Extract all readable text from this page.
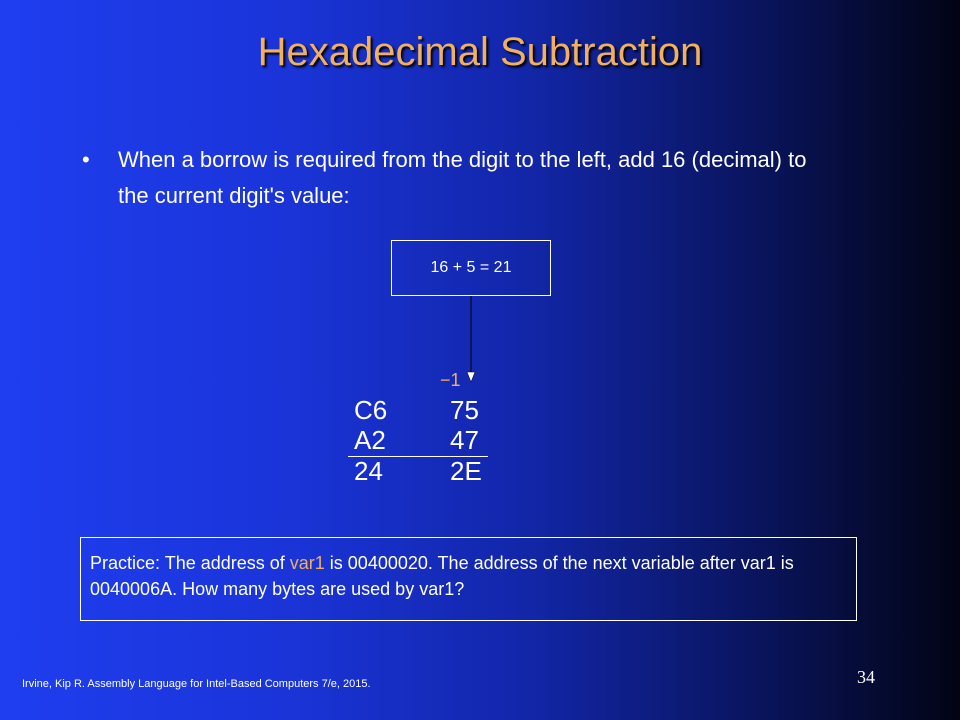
Hexadecimal Subtraction
•	When a borrow is required from the digit to the left, add 16 (decimal) to the current digit's value:
16 + 5 = 21
−1
C6 75
A2 47
24	2E
Practice: The address of var1 is 00400020. The address of the next variable after var1 is 0040006A. How many bytes are used by var1?
Irvine, Kip R. Assembly Language for Intel-Based Computers 7/e, 2015.	34
